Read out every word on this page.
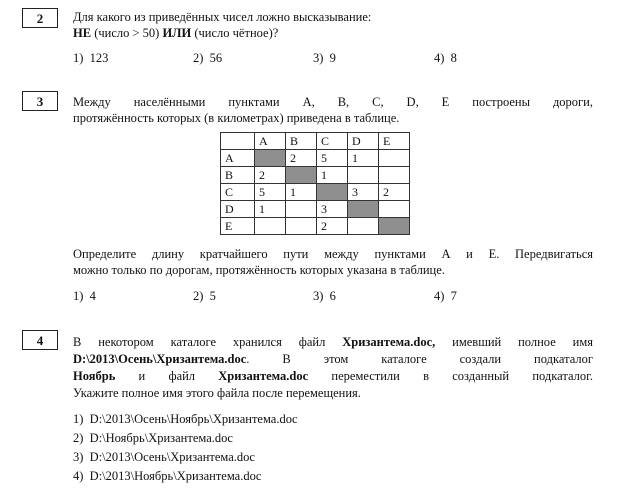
2	Для какого из приведённых чисел ложно высказывание:
НЕ (число > 50) ИЛИ (число чётное)?
1) 123	2) 56	3) 9	4) 8
3	Между населёнными пунктами А, В, С, D, Е построены дороги,
протяжённость которых (в километрах) приведена в таблице.
	A	B	C	D	E
A		2	5	1	
B	2		1		
C	5	1		3	2
D	1		3		
E			2		
Определите длину кратчайшего пути между пунктами А и Е. Передвигаться
можно только по дорогам, протяжённость которых указана в таблице.
1) 4	2) 5	3) 6	4) 7
4	В некотором каталоге хранился файл Хризантема.doc, имевший полное имя
D:\2013\Осень\Хризантема.doc. В этом каталоге создали подкаталог
Ноябрь и файл Хризантема.doc переместили в созданный подкаталог.
Укажите полное имя этого файла после перемещения.
1) D:\2013\Осень\Ноябрь\Хризантема.doc
2) D:\Ноябрь\Хризантема.doc
3) D:\2013\Осень\Хризантема.doc
4) D:\2013\Ноябрь\Хризантема.doc
